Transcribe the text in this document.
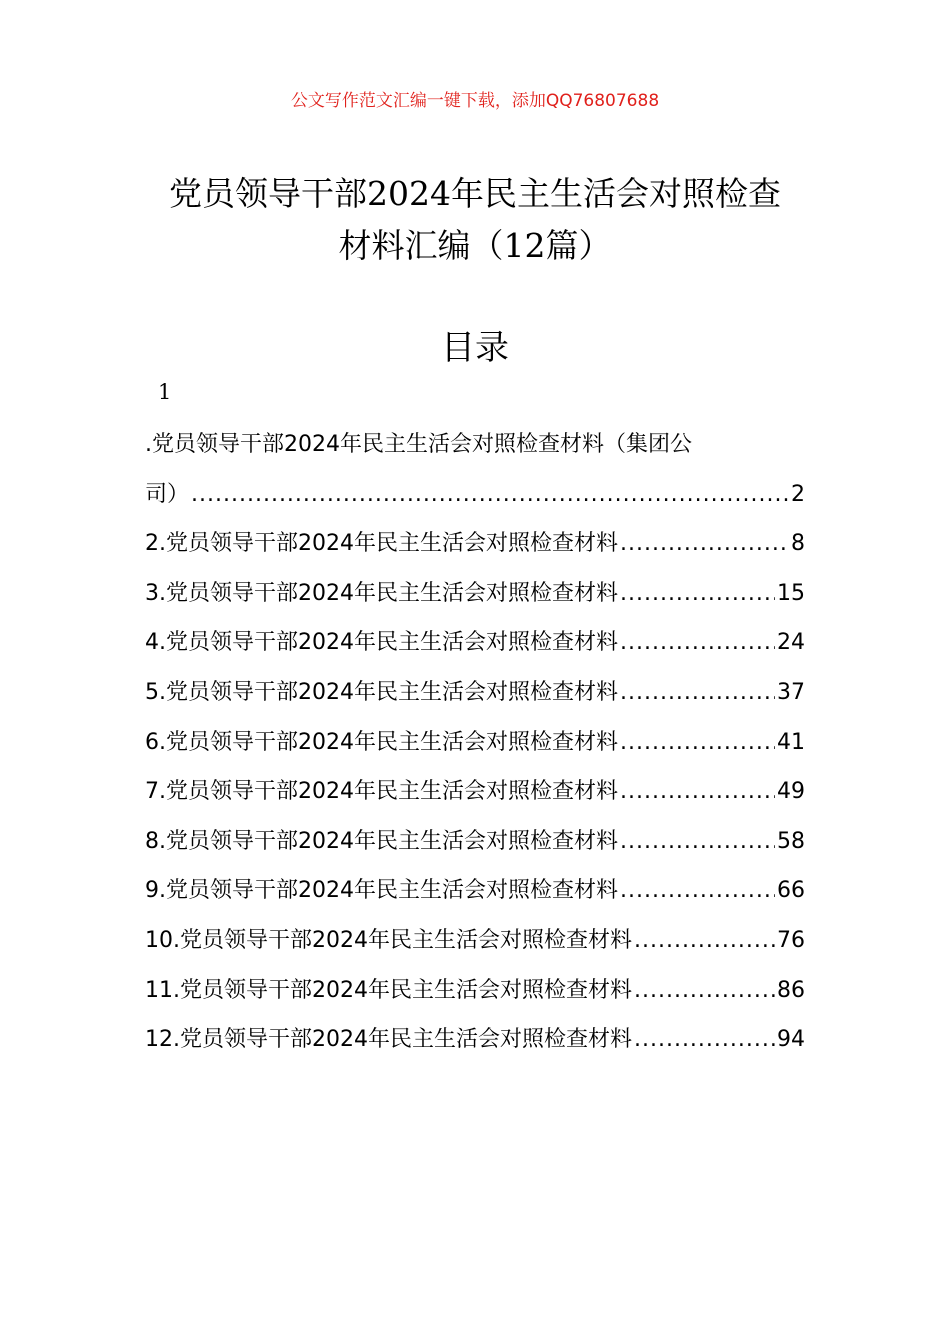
公文写作范文汇编一键下载，添加QQ76807688
党员领导干部2024年民主生活会对照检查
材料汇编（12篇）
目录
1
.党员领导干部2024年民主生活会对照检查材料（集团公
司） .....	2
2.党员领导干部2024年民主生活会对照检查材料 .....	8
3.党员领导干部2024年民主生活会对照检查材料 .....	15
4.党员领导干部2024年民主生活会对照检查材料 .....	24
5.党员领导干部2024年民主生活会对照检查材料 .....	37
6.党员领导干部2024年民主生活会对照检查材料 .....	41
7.党员领导干部2024年民主生活会对照检查材料 .....	49
8.党员领导干部2024年民主生活会对照检查材料 .....	58
9.党员领导干部2024年民主生活会对照检查材料 .....	66
10.党员领导干部2024年民主生活会对照检查材料 .....	76
11.党员领导干部2024年民主生活会对照检查材料 .....	86
12.党员领导干部2024年民主生活会对照检查材料 .....	94
